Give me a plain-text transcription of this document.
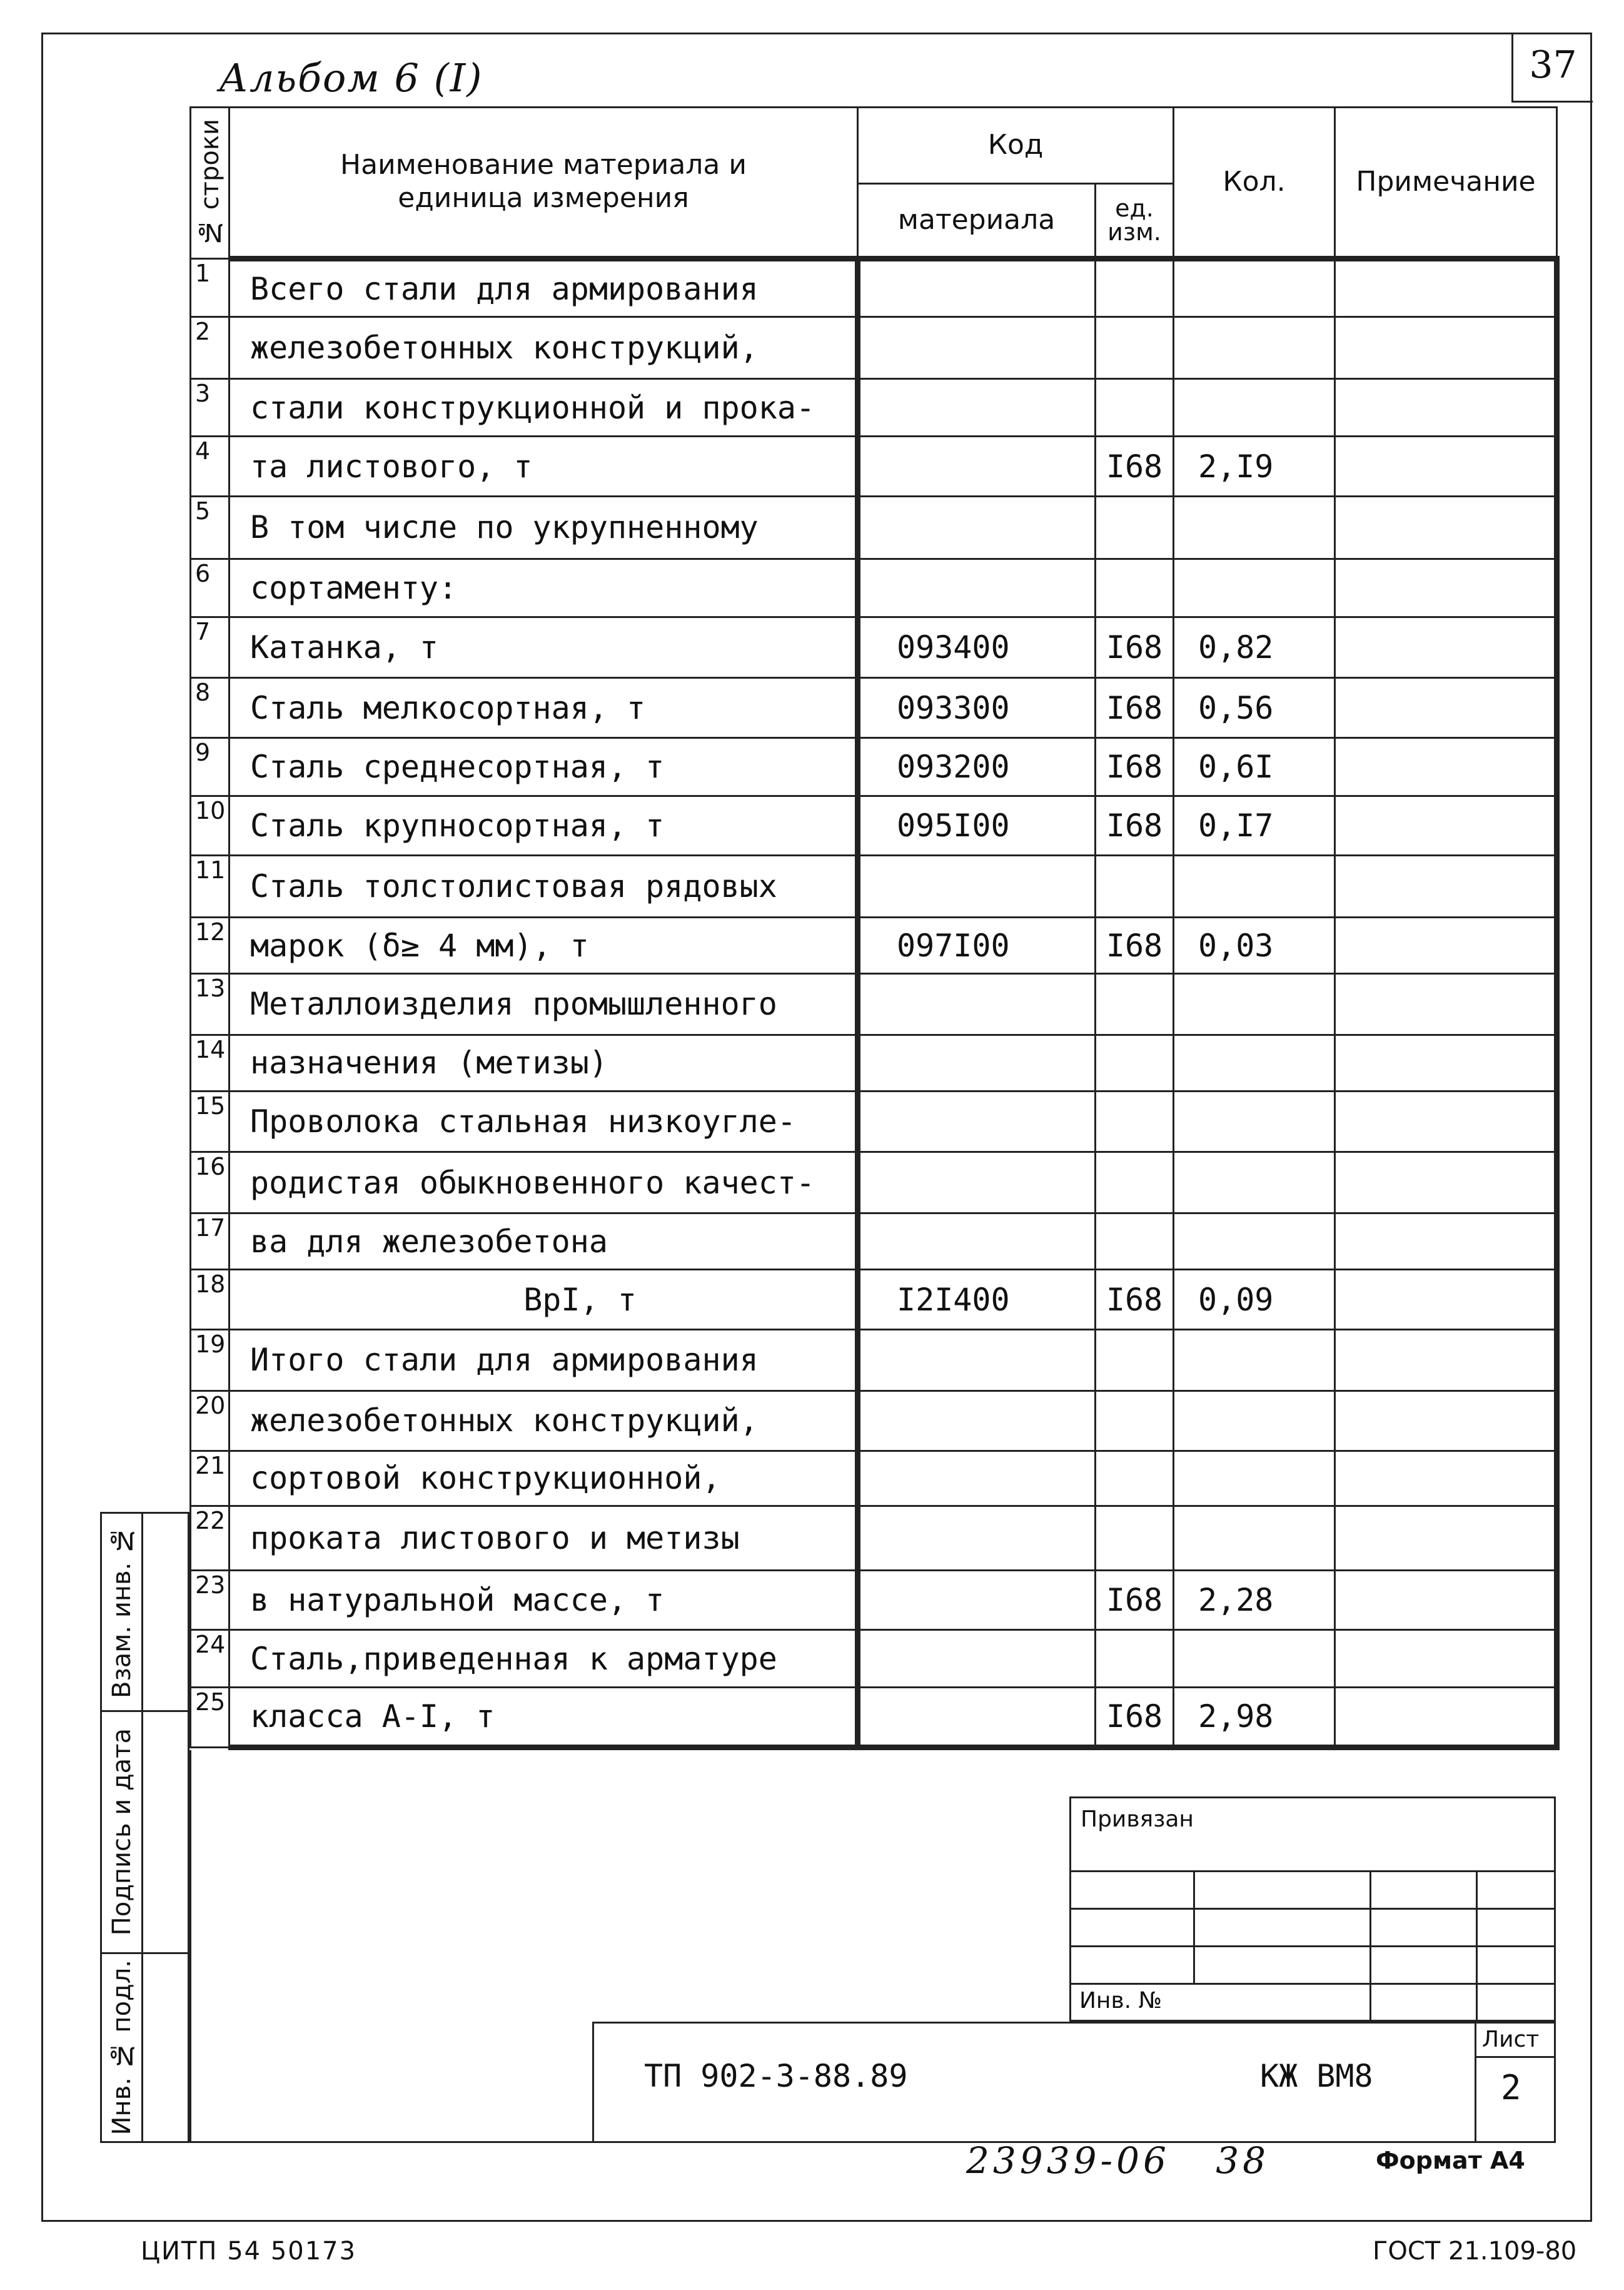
37
Альбом 6 (I)
№ строки	Наименование материала и единица измерения	Код		Кол.	Примечание
		материала	ед. изм.		
1	Всего стали для армирования				
2	железобетонных конструкций,				
3	стали конструкционной и прока-				
4	та листового, т		I68	2,I9	
5	В том числе по укрупненному				
6	сортаменту:				
7	Катанка, т	093400	I68	0,82	
8	Сталь мелкосортная, т	093300	I68	0,56	
9	Сталь среднесортная, т	093200	I68	0,6I	
10	Сталь крупносортная, т	095I00	I68	0,I7	
11	Сталь толстолистовая рядовых				
12	марок (δ≥ 4 мм), т	097I00	I68	0,03	
13	Металлоизделия промышленного				
14	назначения (метизы)				
15	Проволока стальная низкоугле-				
16	родистая обыкновенного качест-				
17	ва для железобетона				
18	ВрI, т	I2I400	I68	0,09	
19	Итого стали для армирования				
20	железобетонных конструкций,				
21	сортовой конструкционной,				
22	проката листового и метизы				
23	в натуральной массе, т		I68	2,28	
24	Сталь,приведенная к арматуре				
25	класса А-I, т		I68	2,98	
Взам. инв. №
Подпись и дата
Инв. № подл.
Привязан
Инв. №
ТП 902-3-88.89	КЖ ВМ8
Лист
2
23939-06   38	Формат А4
ЦИТП 54 50173	ГОСТ 21.109-80
